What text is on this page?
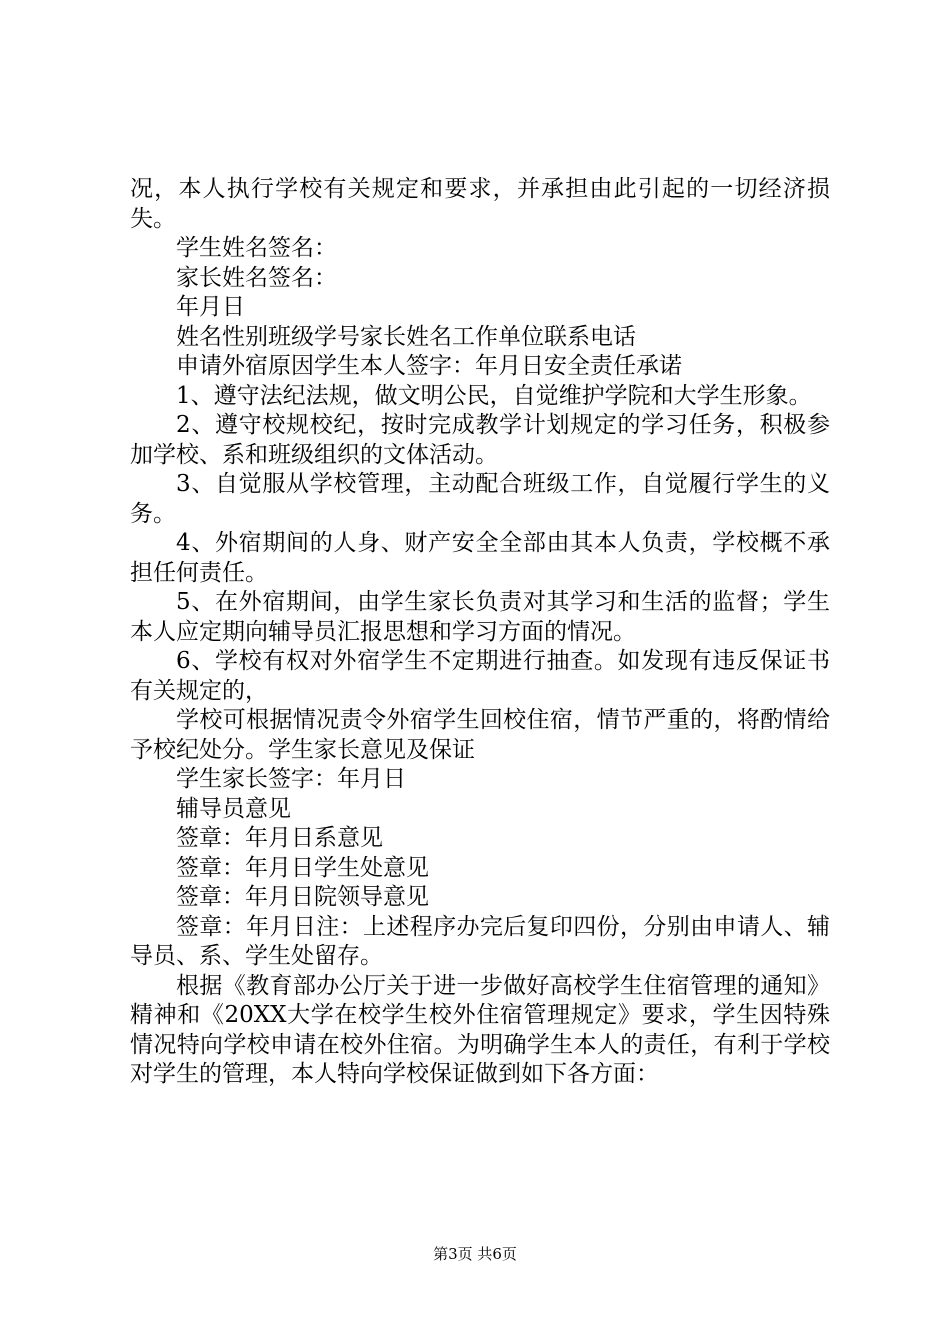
况，本人执行学校有关规定和要求，并承担由此引起的一切经济损失。

学生姓名签名：

家长姓名签名：

年月日

姓名性别班级学号家长姓名工作单位联系电话

申请外宿原因学生本人签字：年月日安全责任承诺

1、遵守法纪法规，做文明公民，自觉维护学院和大学生形象。

2、遵守校规校纪，按时完成教学计划规定的学习任务，积极参加学校、系和班级组织的文体活动。

3、自觉服从学校管理，主动配合班级工作，自觉履行学生的义务。

4、外宿期间的人身、财产安全全部由其本人负责，学校概不承担任何责任。

5、在外宿期间，由学生家长负责对其学习和生活的监督；学生本人应定期向辅导员汇报思想和学习方面的情况。

6、学校有权对外宿学生不定期进行抽查。如发现有违反保证书有关规定的，

学校可根据情况责令外宿学生回校住宿，情节严重的，将酌情给予校纪处分。学生家长意见及保证

学生家长签字：年月日

辅导员意见

签章：年月日系意见

签章：年月日学生处意见

签章：年月日院领导意见

签章：年月日注：上述程序办完后复印四份，分别由申请人、辅导员、系、学生处留存。

根据《教育部办公厅关于进一步做好高校学生住宿管理的通知》精神和《20XX大学在校学生校外住宿管理规定》要求，学生因特殊情况特向学校申请在校外住宿。为明确学生本人的责任，有利于学校对学生的管理，本人特向学校保证做到如下各方面：

第3页 共6页
